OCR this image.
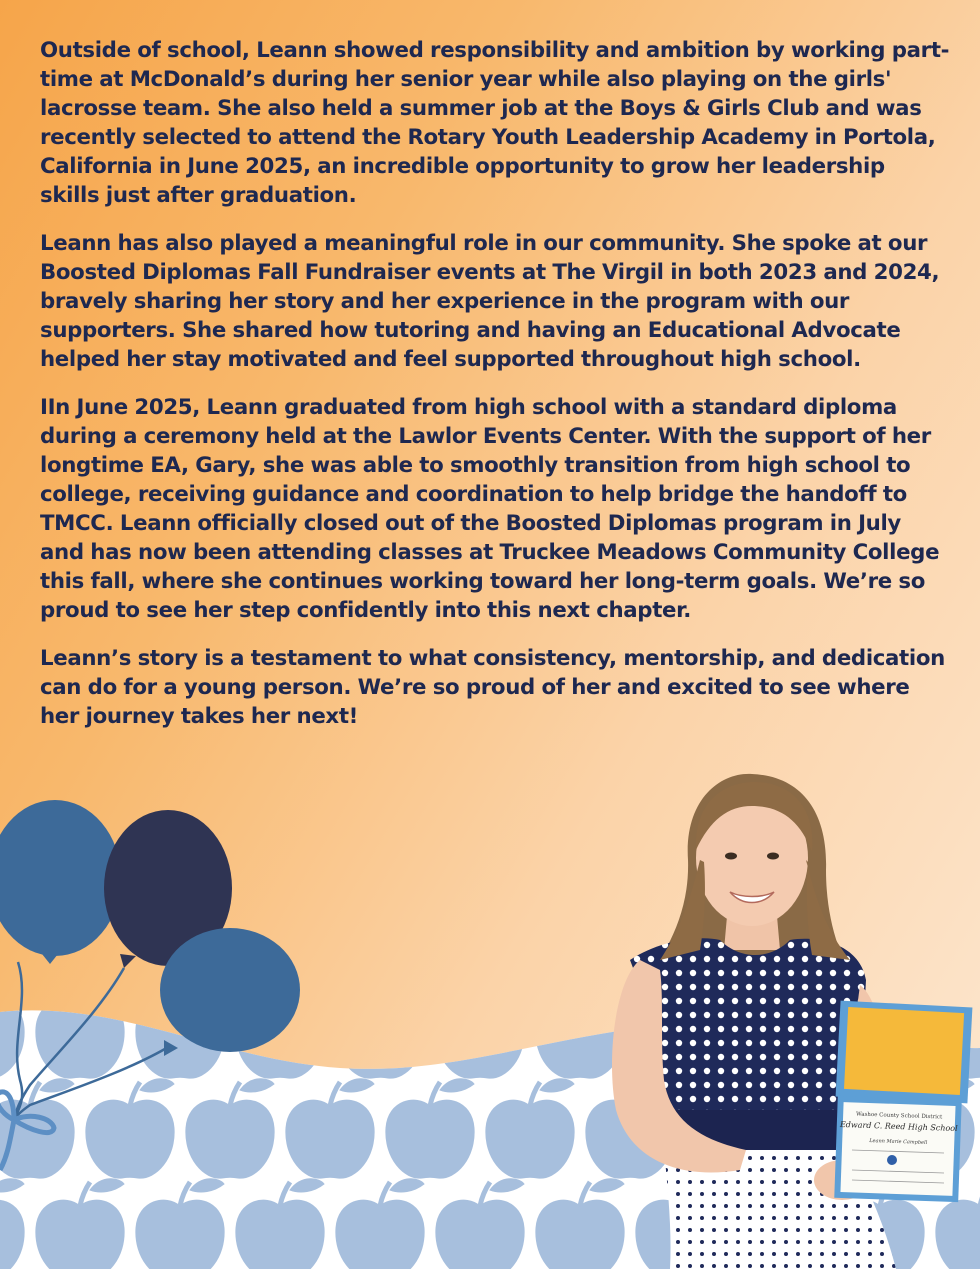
Outside of school, Leann showed responsibility and ambition by working part-time at McDonald’s during her senior year while also playing on the girls' lacrosse team. She also held a summer job at the Boys & Girls Club and was recently selected to attend the Rotary Youth Leadership Academy in Portola, California in June 2025, an incredible opportunity to grow her leadership skills just after graduation.

Leann has also played a meaningful role in our community. She spoke at our Boosted Diplomas Fall Fundraiser events at The Virgil in both 2023 and 2024, bravely sharing her story and her experience in the program with our supporters. She shared how tutoring and having an Educational Advocate helped her stay motivated and feel supported throughout high school.

IIn June 2025, Leann graduated from high school with a standard diploma during a ceremony held at the Lawlor Events Center. With the support of her longtime EA, Gary, she was able to smoothly transition from high school to college, receiving guidance and coordination to help bridge the handoff to TMCC. Leann officially closed out of the Boosted Diplomas program in July and has now been attending classes at Truckee Meadows Community College this fall, where she continues working toward her long-term goals. We’re so proud to see her step confidently into this next chapter.

Leann’s story is a testament to what consistency, mentorship, and dedication can do for a young person. We’re so proud of her and excited to see where her journey takes her next!

Washoe County School District
Edward C. Reed High School
Leann Marie Campbell
